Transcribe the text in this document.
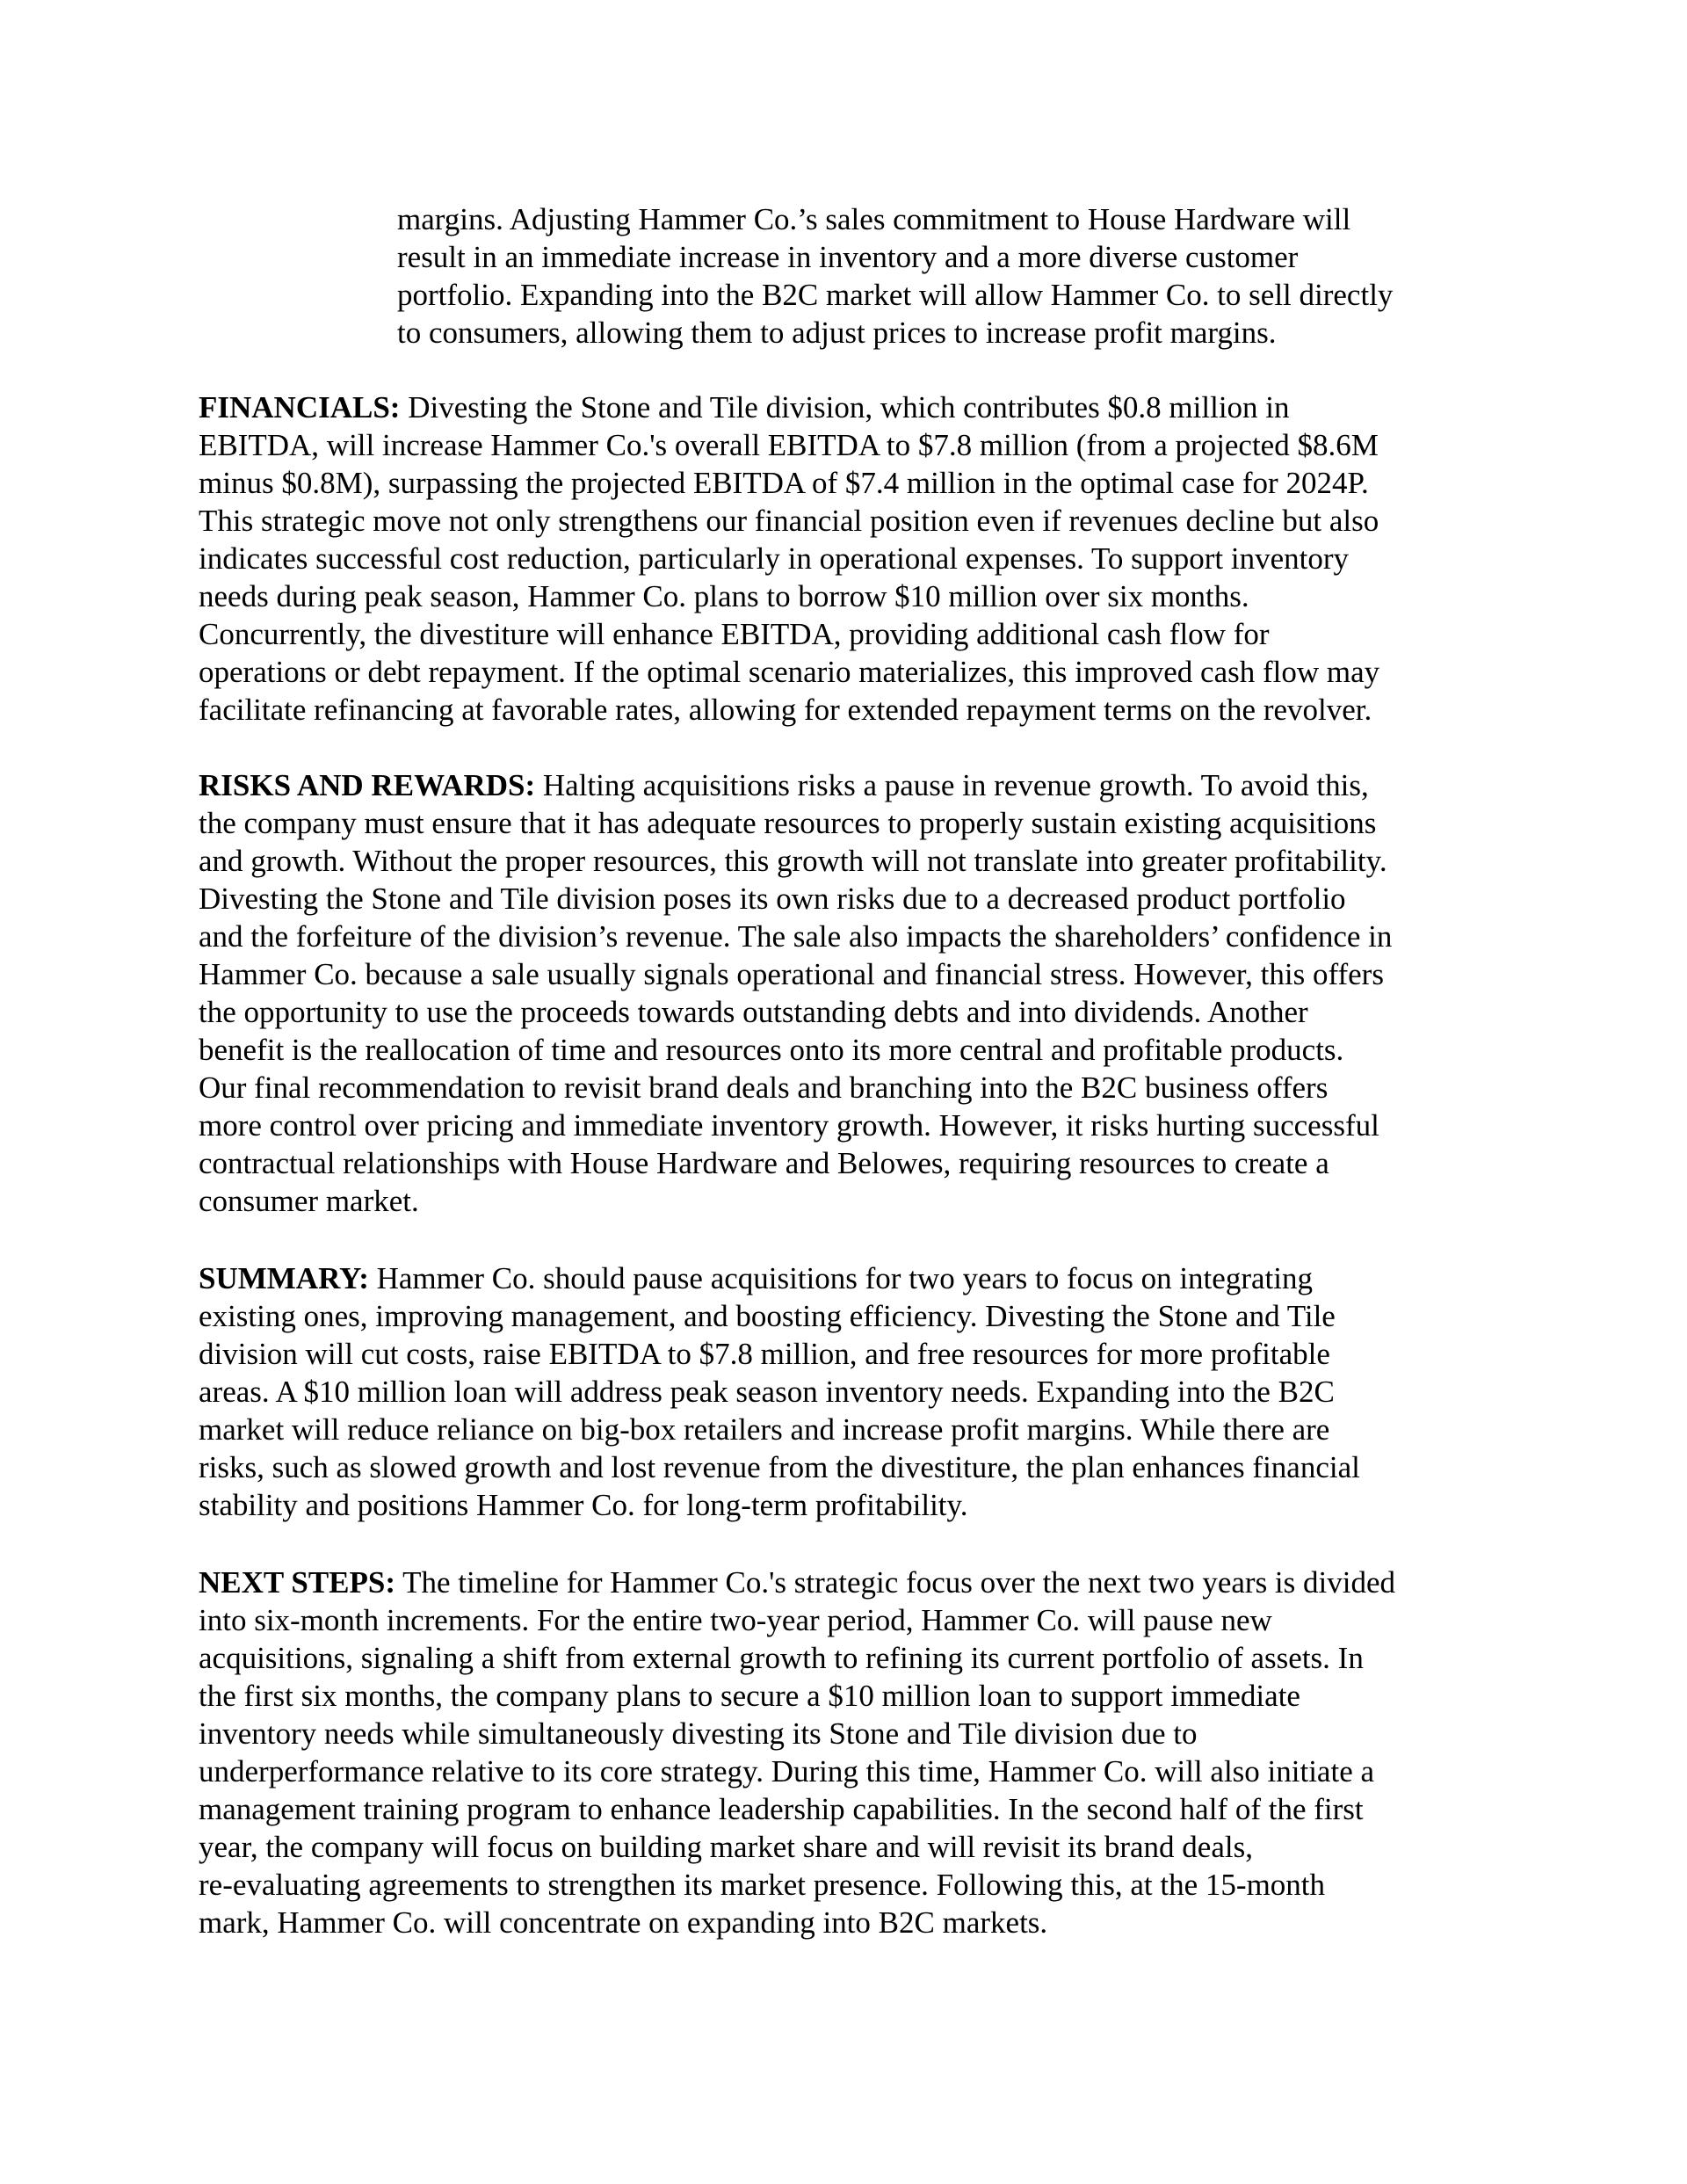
margins. Adjusting Hammer Co.’s sales commitment to House Hardware will
result in an immediate increase in inventory and a more diverse customer
portfolio. Expanding into the B2C market will allow Hammer Co. to sell directly
to consumers, allowing them to adjust prices to increase profit margins.
FINANCIALS: Divesting the Stone and Tile division, which contributes $0.8 million in
EBITDA, will increase Hammer Co.'s overall EBITDA to $7.8 million (from a projected $8.6M
minus $0.8M), surpassing the projected EBITDA of $7.4 million in the optimal case for 2024P.
This strategic move not only strengthens our financial position even if revenues decline but also
indicates successful cost reduction, particularly in operational expenses. To support inventory
needs during peak season, Hammer Co. plans to borrow $10 million over six months.
Concurrently, the divestiture will enhance EBITDA, providing additional cash flow for
operations or debt repayment. If the optimal scenario materializes, this improved cash flow may
facilitate refinancing at favorable rates, allowing for extended repayment terms on the revolver.
RISKS AND REWARDS: Halting acquisitions risks a pause in revenue growth. To avoid this,
the company must ensure that it has adequate resources to properly sustain existing acquisitions
and growth. Without the proper resources, this growth will not translate into greater profitability.
Divesting the Stone and Tile division poses its own risks due to a decreased product portfolio
and the forfeiture of the division’s revenue. The sale also impacts the shareholders’ confidence in
Hammer Co. because a sale usually signals operational and financial stress. However, this offers
the opportunity to use the proceeds towards outstanding debts and into dividends. Another
benefit is the reallocation of time and resources onto its more central and profitable products.
Our final recommendation to revisit brand deals and branching into the B2C business offers
more control over pricing and immediate inventory growth. However, it risks hurting successful
contractual relationships with House Hardware and Belowes, requiring resources to create a
consumer market.
SUMMARY: Hammer Co. should pause acquisitions for two years to focus on integrating
existing ones, improving management, and boosting efficiency. Divesting the Stone and Tile
division will cut costs, raise EBITDA to $7.8 million, and free resources for more profitable
areas. A $10 million loan will address peak season inventory needs. Expanding into the B2C
market will reduce reliance on big-box retailers and increase profit margins. While there are
risks, such as slowed growth and lost revenue from the divestiture, the plan enhances financial
stability and positions Hammer Co. for long-term profitability.
NEXT STEPS: The timeline for Hammer Co.'s strategic focus over the next two years is divided
into six-month increments. For the entire two-year period, Hammer Co. will pause new
acquisitions, signaling a shift from external growth to refining its current portfolio of assets. In
the first six months, the company plans to secure a $10 million loan to support immediate
inventory needs while simultaneously divesting its Stone and Tile division due to
underperformance relative to its core strategy. During this time, Hammer Co. will also initiate a
management training program to enhance leadership capabilities. In the second half of the first
year, the company will focus on building market share and will revisit its brand deals,
re-evaluating agreements to strengthen its market presence. Following this, at the 15-month
mark, Hammer Co. will concentrate on expanding into B2C markets.
